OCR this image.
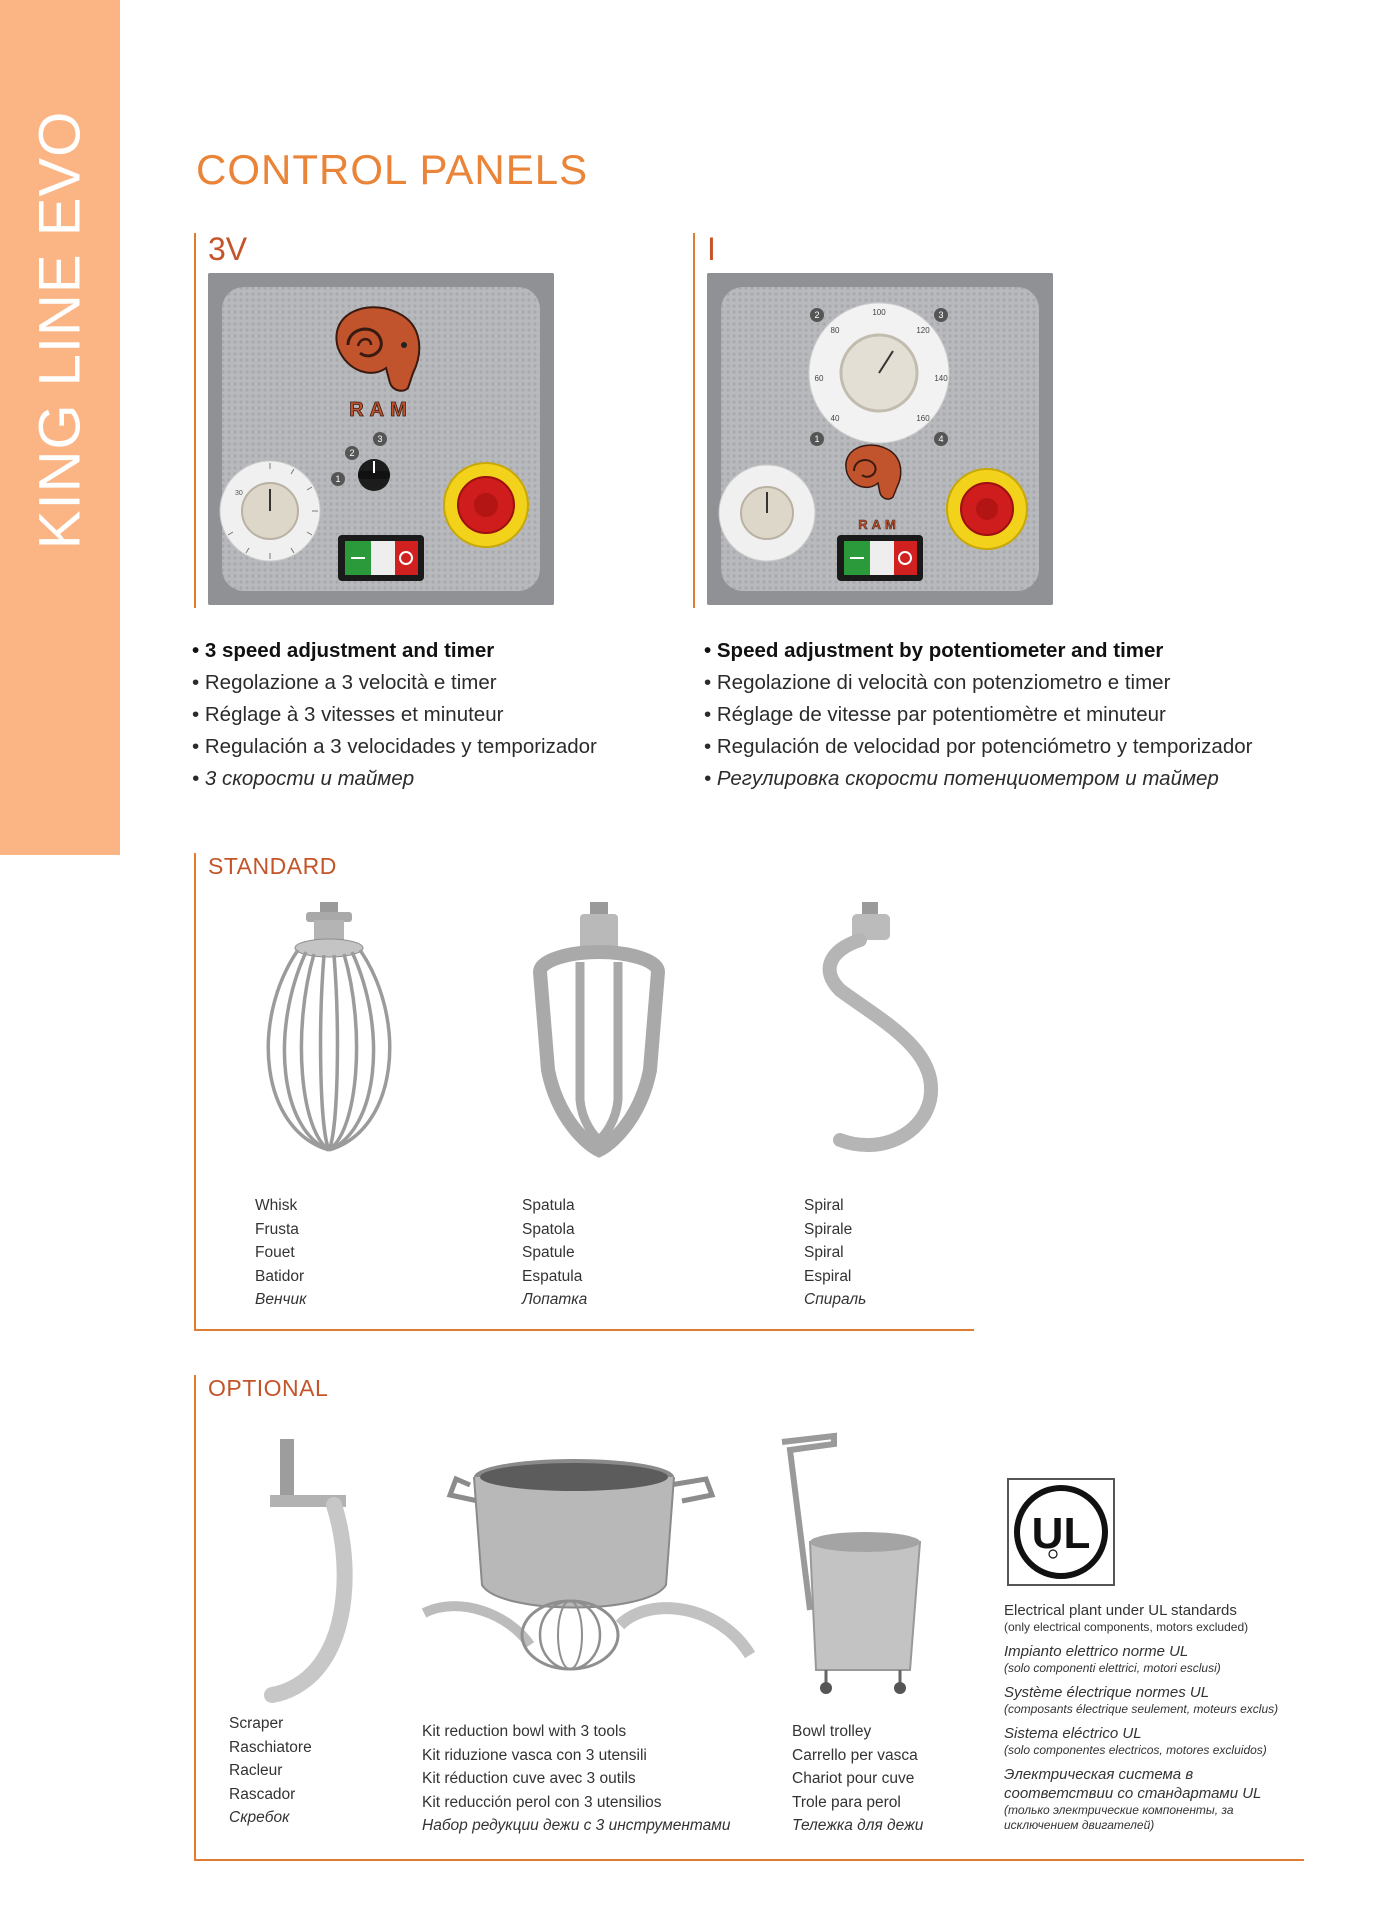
KING LINE EVO CONTROL PANELS
3V
RAM
1
2
3
30
I
40
60
80
100
120
140
160
1
2	3
4
RAM
• 3 speed adjustment and timer
• Regolazione a 3 velocità e timer
• Réglage à 3 vitesses et minuteur
• Regulación a 3 velocidades y temporizador
• 3 скорости и таймер
• Speed adjustment by potentiometer and timer
• Regolazione di velocità con potenziometro e timer
• Réglage de vitesse par potentiomètre et minuteur
• Regulación de velocidad por potenciómetro y temporizador
• Регулировка скорости потенциометром и таймер
STANDARD
Whisk
Frusta
Fouet
Batidor
Венчик
Spatula
Spatola
Spatule
Espatula
Лопатка
Spiral
Spirale
Spiral
Espiral
Спираль
OPTIONAL
Scraper
Raschiatore
Racleur
Rascador
Скребок
Kit reduction bowl with 3 tools
Kit riduzione vasca con 3 utensili
Kit réduction cuve avec 3 outils
Kit reducción perol con 3 utensilios
Набор редукции дежи с 3 инструментами
Bowl trolley
Carrello per vasca
Chariot pour cuve
Trole para perol
Тележка для дежи
UL
Electrical plant under UL standards
(only electrical components, motors excluded)
Impianto elettrico norme UL
(solo componenti elettrici, motori esclusi)
Système électrique normes UL
(composants électrique seulement, moteurs exclus)
Sistema eléctrico UL
(solo componentes electricos, motores excluidos)
Электрическая система в соответствии со стандартами UL
(только электрические компоненты, за исключением двигателей)
